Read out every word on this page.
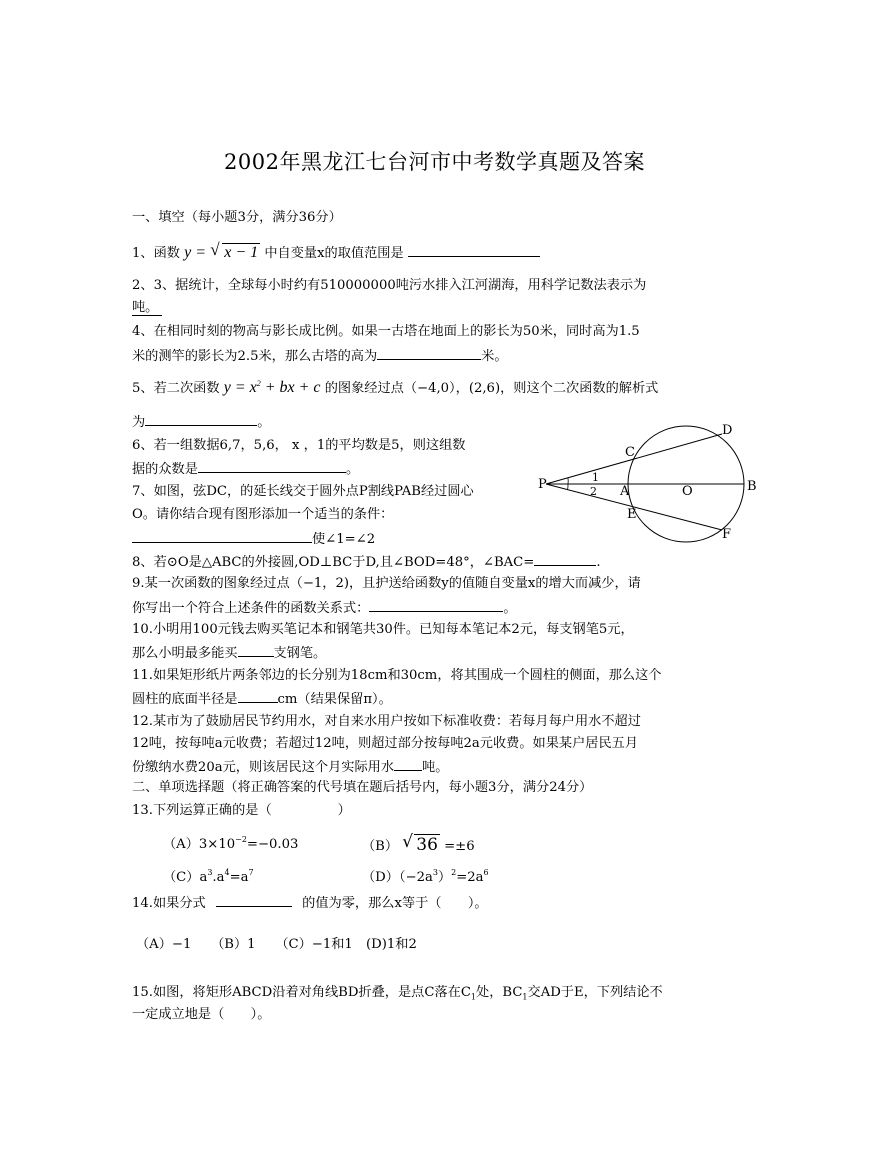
2002年黑龙江七台河市中考数学真题及答案
一、填空（每小题3分，满分36分）
1、函数 y = √ x − 1 中自变量x的取值范围是
2、3、据统计，全球每小时约有510000000吨污水排入江河湖海，用科学记数法表示为
吨。
4、在相同时刻的物高与影长成比例。如果一古塔在地面上的影长为50米，同时高为1.5
米的测竿的影长为2.5米，那么古塔的高为	米。
5、若二次函数 $y = x^2$ + bx + c 的图象经过点（−4,0），(2,6)，则这个二次函数的解析式
为	。
6、若一组数据6,7，5,6， x ，1的平均数是5，则这组数
据的众数是	。
7、如图，弦DC，的延长线交于圆外点P割线PAB经过圆心
O。请你结合现有图形添加一个适当的条件：
使∠1=∠2
P	1
2 A	O	B
C
D
E
F
8、若⊙O是△ABC的外接圆,OD⊥BC于D,且∠BOD=48°，∠BAC=	.
9.某一次函数的图象经过点（−1，2)，且护送给函数y的值随自变量x的增大而减少，请
你写出一个符合上述条件的函数关系式：	。
10.小明用100元钱去购买笔记本和钢笔共30件。已知每本笔记本2元，每支钢笔5元，
那么小明最多能买	支钢笔。
11.如果矩形纸片两条邻边的长分别为18cm和30cm，将其围成一个圆柱的侧面，那么这个
圆柱的底面半径是	cm（结果保留π）。
12.某市为了鼓励居民节约用水，对自来水用户按如下标准收费：若每月每户用水不超过
12吨，按每吨a元收费；若超过12吨，则超过部分按每吨2a元收费。如果某户居民五月
份缴纳水费20a元，则该居民这个月实际用水 吨。
二、单项选择题（将正确答案的代号填在题后括号内，每小题3分，满分24分）
13.下列运算正确的是（　　　　　）
$(A)3\times 10^{-2}=-0.03$	（B） √ 36 =±6
$(C)a^3.a^4=a^7$	$(D)(-2a^3)^2=2a^6$
14.如果分式	的值为零，那么x等于（　　）。
（A）−1　　（B）1　　（C）−1和1　(D)1和2
15.如图，将矩形ABCD沿着对角线BD折叠，是点C落在$C_1$处，$BC_1$交AD于E，下列结论不
一定成立地是（　　）。
